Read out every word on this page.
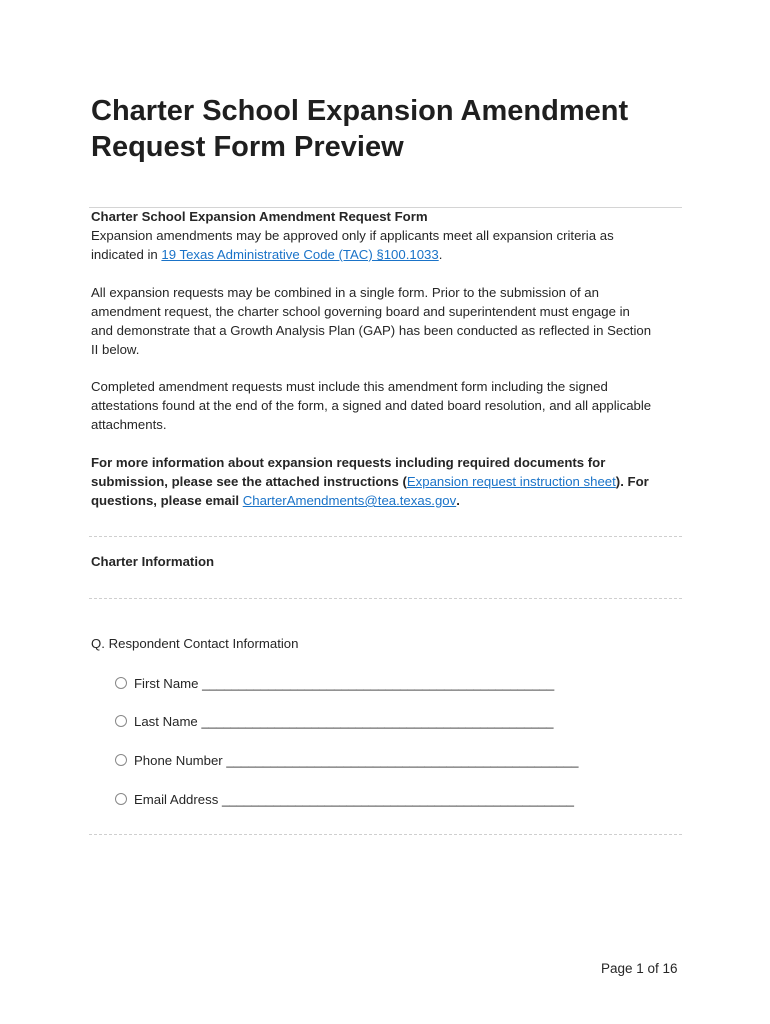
Charter School Expansion Amendment
Request Form Preview
Charter School Expansion Amendment Request Form
Expansion amendments may be approved only if applicants meet all expansion criteria as
indicated in 19 Texas Administrative Code (TAC) §100.1033.
All expansion requests may be combined in a single form. Prior to the submission of an
amendment request, the charter school governing board and superintendent must engage in
and demonstrate that a Growth Analysis Plan (GAP) has been conducted as reflected in Section
II below.
Completed amendment requests must include this amendment form including the signed
attestations found at the end of the form, a signed and dated board resolution, and all applicable
attachments.
For more information about expansion requests including required documents for
submission, please see the attached instructions (Expansion request instruction sheet). For
questions, please email CharterAmendments@tea.texas.gov.
Charter Information
Q. Respondent Contact Information
First Name ________________________________________________
Last Name ________________________________________________
Phone Number ________________________________________________
Email Address ________________________________________________
Page 1 of 16
